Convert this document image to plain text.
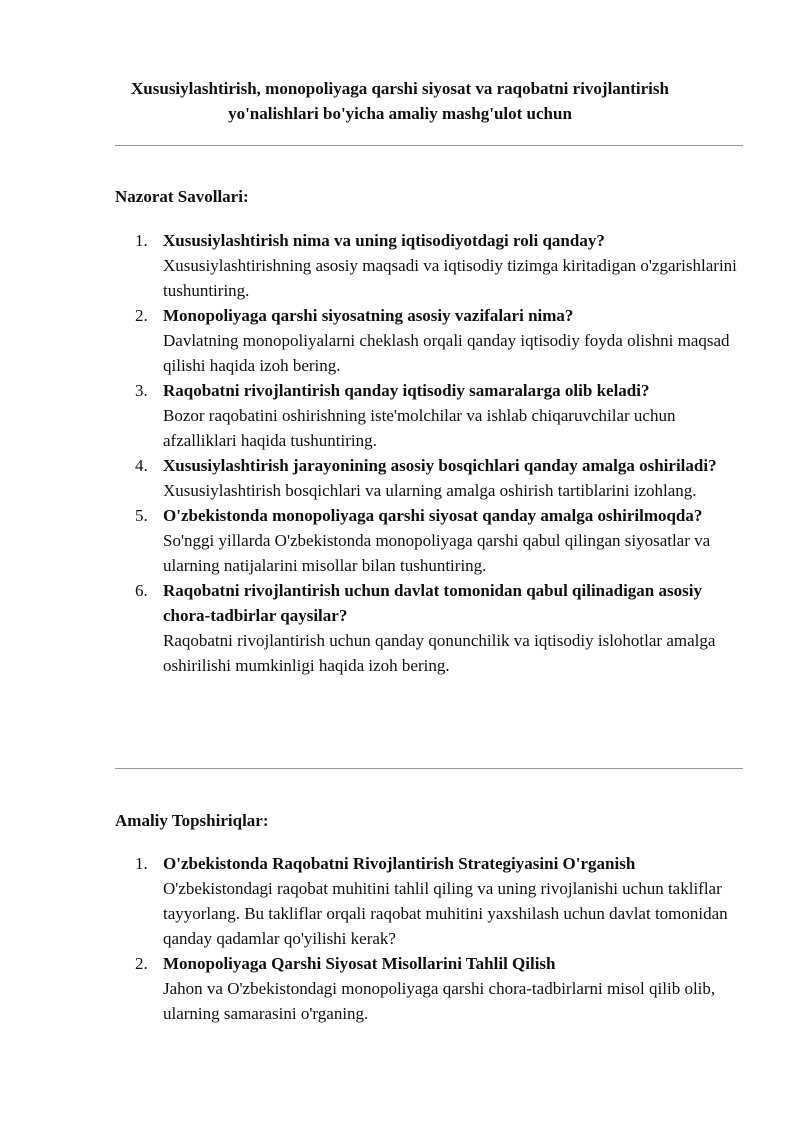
Xususiylashtirish, monopoliyaga qarshi siyosat va raqobatni rivojlantirish
yo'nalishlari bo'yicha amaliy mashg'ulot uchun
Nazorat Savollari:
1. Xususiylashtirish nima va uning iqtisodiyotdagi roli qanday?
Xususiylashtirishning asosiy maqsadi va iqtisodiy tizimga kiritadigan o'zgarishlarini tushuntiring.
2. Monopoliyaga qarshi siyosatning asosiy vazifalari nima?
Davlatning monopoliyalarni cheklash orqali qanday iqtisodiy foyda olishni maqsad qilishi haqida izoh bering.
3. Raqobatni rivojlantirish qanday iqtisodiy samaralarga olib keladi?
Bozor raqobatini oshirishning iste'molchilar va ishlab chiqaruvchilar uchun afzalliklari haqida tushuntiring.
4. Xususiylashtirish jarayonining asosiy bosqichlari qanday amalga oshiriladi?
Xususiylashtirish bosqichlari va ularning amalga oshirish tartiblarini izohlang.
5. O'zbekistonda monopoliyaga qarshi siyosat qanday amalga oshirilmoqda?
So'nggi yillarda O'zbekistonda monopoliyaga qarshi qabul qilingan siyosatlar va ularning natijalarini misollar bilan tushuntiring.
6. Raqobatni rivojlantirish uchun davlat tomonidan qabul qilinadigan asosiy chora-tadbirlar qaysilar?
Raqobatni rivojlantirish uchun qanday qonunchilik va iqtisodiy islohotlar amalga oshirilishi mumkinligi haqida izoh bering.
Amaliy Topshiriqlar:
1. O'zbekistonda Raqobatni Rivojlantirish Strategiyasini O'rganish
O'zbekistondagi raqobat muhitini tahlil qiling va uning rivojlanishi uchun takliflar tayyorlang. Bu takliflar orqali raqobat muhitini yaxshilash uchun davlat tomonidan qanday qadamlar qo'yilishi kerak?
2. Monopoliyaga Qarshi Siyosat Misollarini Tahlil Qilish
Jahon va O'zbekistondagi monopoliyaga qarshi chora-tadbirlarni misol qilib olib, ularning samarasini o'rganing.
